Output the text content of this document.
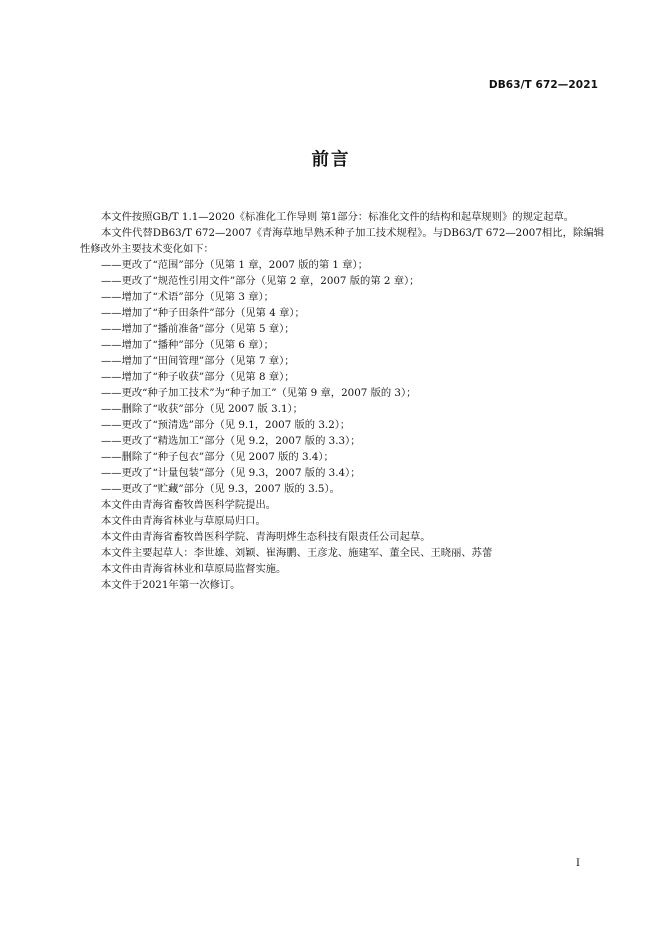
DB63/T 672—2021
前言

本文件按照GB/T 1.1—2020《标准化工作导则 第1部分：标准化文件的结构和起草规则》的规定起草。

本文件代替DB63/T 672—2007《青海草地旱熟禾种子加工技术规程》。与DB63/T 672—2007相比，除编辑性修改外主要技术变化如下：

——更改了“范围”部分（见第 1 章，2007 版的第 1 章）；

——更改了“规范性引用文件”部分（见第 2 章，2007 版的第 2 章）；

——增加了“术语”部分（见第 3 章）；

——增加了“种子田条件”部分（见第 4 章）；

——增加了“播前准备”部分（见第 5 章）；

——增加了“播种”部分（见第 6 章）；

——增加了“田间管理”部分（见第 7 章）；

——增加了“种子收获”部分（见第 8 章）；

——更改“种子加工技术”为“种子加工”（见第 9 章，2007 版的 3）；

——删除了“收获”部分（见 2007 版 3.1）；

——更改了“预清选”部分（见 9.1，2007 版的 3.2）；

——更改了“精选加工”部分（见 9.2，2007 版的 3.3）；

——删除了“种子包衣”部分（见 2007 版的 3.4）；

——更改了“计量包装”部分（见 9.3，2007 版的 3.4）；

——更改了“贮藏”部分（见 9.3，2007 版的 3.5）。

本文件由青海省畜牧兽医科学院提出。

本文件由青海省林业与草原局归口。

本文件由青海省畜牧兽医科学院、青海明烨生态科技有限责任公司起草。

本文件主要起草人：李世雄、刘颖、崔海鹏、王彦龙、施建军、董全民、王晓丽、苏蕾

本文件由青海省林业和草原局监督实施。

本文件于2021年第一次修订。

I
